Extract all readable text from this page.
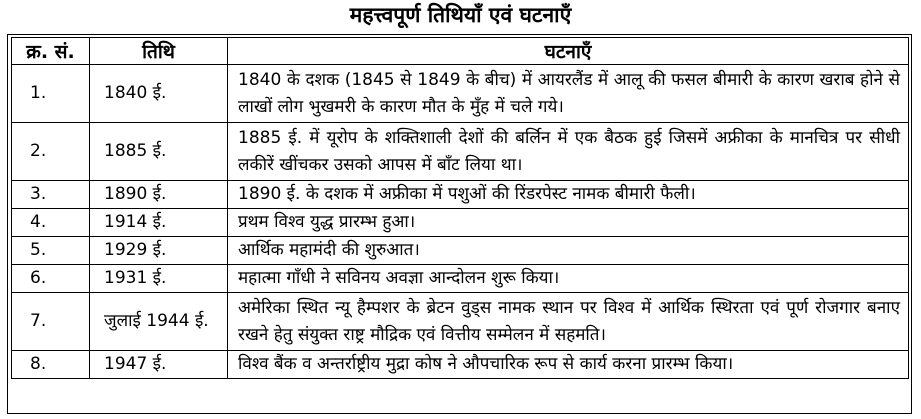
महत्त्वपूर्ण तिथियाँ एवं घटनाएँ
क्र. सं.	तिथि	घटनाएँ
1.	1840 ई.	1840 के दशक (1845 से 1849 के बीच) में आयरलैंड में आलू की फसल बीमारी के कारण खराब होने से लाखों लोग भुखमरी के कारण मौत के मुँह में चले गये।
2.	1885 ई.	1885 ई. में यूरोप के शक्तिशाली देशों की बर्लिन में एक बैठक हुई जिसमें अफ्रीका के मानचित्र पर सीधी लकीरें खींचकर उसको आपस में बाँट लिया था।
3.	1890 ई.	1890 ई. के दशक में अफ्रीका में पशुओं की रिंडरपेस्ट नामक बीमारी फैली।
4.	1914 ई.	प्रथम विश्व युद्ध प्रारम्भ हुआ।
5.	1929 ई.	आर्थिक महामंदी की शुरुआत।
6.	1931 ई.	महात्मा गाँधी ने सविनय अवज्ञा आन्दोलन शुरू किया।
7.	जुलाई 1944 ई.	अमेरिका स्थित न्यू हैम्पशर के ब्रेटन वुड्स नामक स्थान पर विश्व में आर्थिक स्थिरता एवं पूर्ण रोजगार बनाए रखने हेतु संयुक्त राष्ट्र मौद्रिक एवं वित्तीय सम्मेलन में सहमति।
8.	1947 ई.	विश्व बैंक व अन्तर्राष्ट्रीय मुद्रा कोष ने औपचारिक रूप से कार्य करना प्रारम्भ किया।
